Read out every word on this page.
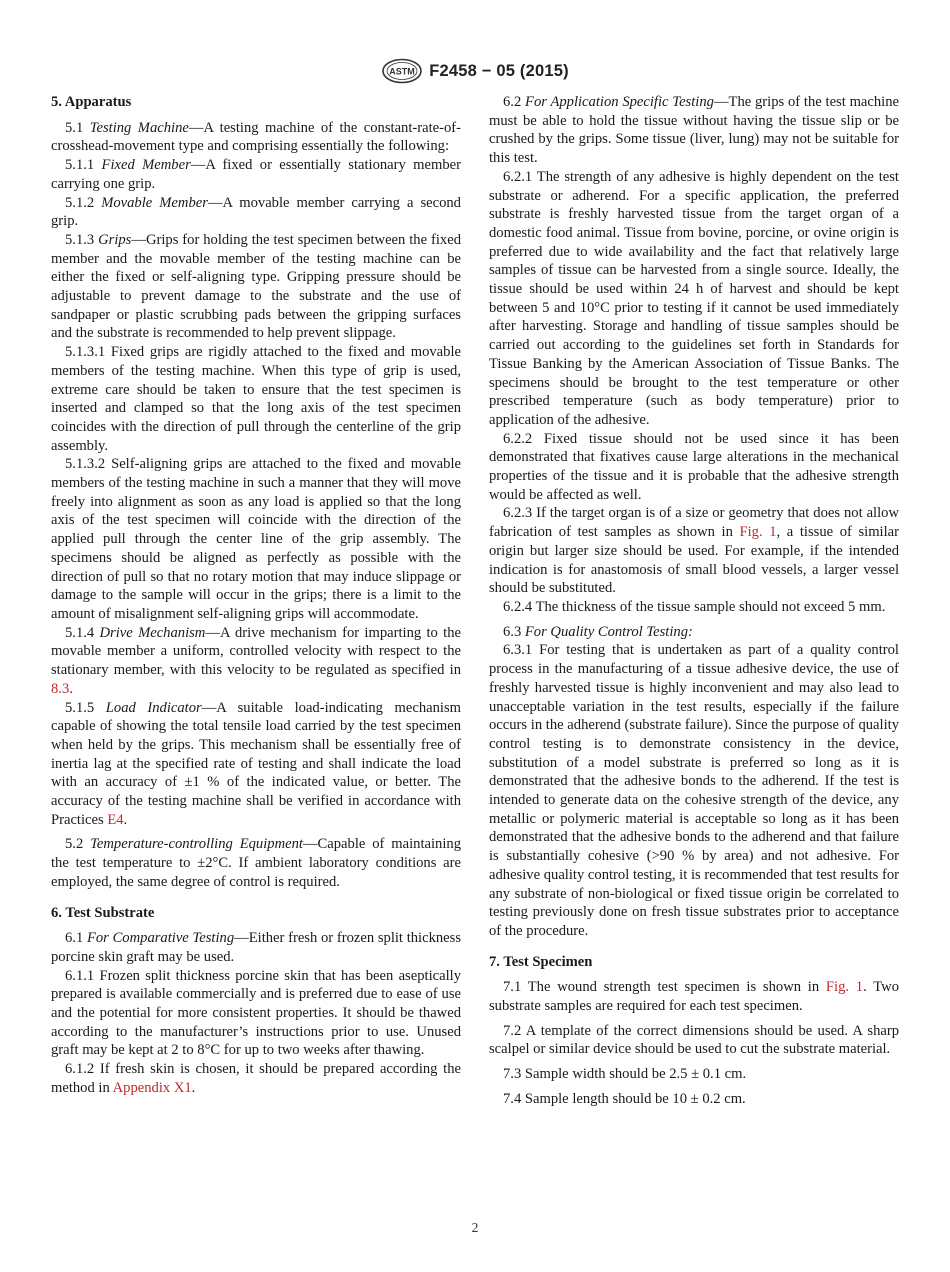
ASTM F2458 − 05 (2015)
5. Apparatus

5.1 Testing Machine—A testing machine of the constant-rate-of-crosshead-movement type and comprising essentially the following:

5.1.1 Fixed Member—A fixed or essentially stationary member carrying one grip.

5.1.2 Movable Member—A movable member carrying a second grip.

5.1.3 Grips—Grips for holding the test specimen between the fixed member and the movable member of the testing machine can be either the fixed or self-aligning type. Gripping pressure should be adjustable to prevent damage to the substrate and the use of sandpaper or plastic scrubbing pads between the gripping surfaces and the substrate is recommended to help prevent slippage.

5.1.3.1 Fixed grips are rigidly attached to the fixed and movable members of the testing machine. When this type of grip is used, extreme care should be taken to ensure that the test specimen is inserted and clamped so that the long axis of the test specimen coincides with the direction of pull through the centerline of the grip assembly.

5.1.3.2 Self-aligning grips are attached to the fixed and movable members of the testing machine in such a manner that they will move freely into alignment as soon as any load is applied so that the long axis of the test specimen will coincide with the direction of the applied pull through the center line of the grip assembly. The specimens should be aligned as perfectly as possible with the direction of pull so that no rotary motion that may induce slippage or damage to the sample will occur in the grips; there is a limit to the amount of misalignment self-aligning grips will accommodate.

5.1.4 Drive Mechanism—A drive mechanism for imparting to the movable member a uniform, controlled velocity with respect to the stationary member, with this velocity to be regulated as specified in 8.3.

5.1.5 Load Indicator—A suitable load-indicating mechanism capable of showing the total tensile load carried by the test specimen when held by the grips. This mechanism shall be essentially free of inertia lag at the specified rate of testing and shall indicate the load with an accuracy of ±1 % of the indicated value, or better. The accuracy of the testing machine shall be verified in accordance with Practices E4.

5.2 Temperature-controlling Equipment—Capable of maintaining the test temperature to ±2°C. If ambient laboratory conditions are employed, the same degree of control is required.

6. Test Substrate

6.1 For Comparative Testing—Either fresh or frozen split thickness porcine skin graft may be used.

6.1.1 Frozen split thickness porcine skin that has been aseptically prepared is available commercially and is preferred due to ease of use and the potential for more consistent properties. It should be thawed according to the manufacturer’s instructions prior to use. Unused graft may be kept at 2 to 8°C for up to two weeks after thawing.

6.1.2 If fresh skin is chosen, it should be prepared according the method in Appendix X1.

6.2 For Application Specific Testing—The grips of the test machine must be able to hold the tissue without having the tissue slip or be crushed by the grips. Some tissue (liver, lung) may not be suitable for this test.

6.2.1 The strength of any adhesive is highly dependent on the test substrate or adherend. For a specific application, the preferred substrate is freshly harvested tissue from the target organ of a domestic food animal. Tissue from bovine, porcine, or ovine origin is preferred due to wide availability and the fact that relatively large samples of tissue can be harvested from a single source. Ideally, the tissue should be used within 24 h of harvest and should be kept between 5 and 10°C prior to testing if it cannot be used immediately after harvesting. Storage and handling of tissue samples should be carried out according to the guidelines set forth in Standards for Tissue Banking by the American Association of Tissue Banks. The specimens should be brought to the test temperature or other prescribed temperature (such as body temperature) prior to application of the adhesive.

6.2.2 Fixed tissue should not be used since it has been demonstrated that fixatives cause large alterations in the mechanical properties of the tissue and it is probable that the adhesive strength would be affected as well.

6.2.3 If the target organ is of a size or geometry that does not allow fabrication of test samples as shown in Fig. 1, a tissue of similar origin but larger size should be used. For example, if the intended indication is for anastomosis of small blood vessels, a larger vessel should be substituted.

6.2.4 The thickness of the tissue sample should not exceed 5 mm.

6.3 For Quality Control Testing:

6.3.1 For testing that is undertaken as part of a quality control process in the manufacturing of a tissue adhesive device, the use of freshly harvested tissue is highly inconvenient and may also lead to unacceptable variation in the test results, especially if the failure occurs in the adherend (substrate failure). Since the purpose of quality control testing is to demonstrate consistency in the device, substitution of a model substrate is preferred so long as it is demonstrated that the adhesive bonds to the adherend. If the test is intended to generate data on the cohesive strength of the device, any metallic or polymeric material is acceptable so long as it has been demonstrated that the adhesive bonds to the adherend and that failure is substantially cohesive (>90 % by area) and not adhesive. For adhesive quality control testing, it is recommended that test results for any substrate of non-biological or fixed tissue origin be correlated to testing previously done on fresh tissue substrates prior to acceptance of the procedure.

7. Test Specimen

7.1 The wound strength test specimen is shown in Fig. 1. Two substrate samples are required for each test specimen.

7.2 A template of the correct dimensions should be used. A sharp scalpel or similar device should be used to cut the substrate material.

7.3 Sample width should be 2.5 ± 0.1 cm.

7.4 Sample length should be 10 ± 0.2 cm.

2
